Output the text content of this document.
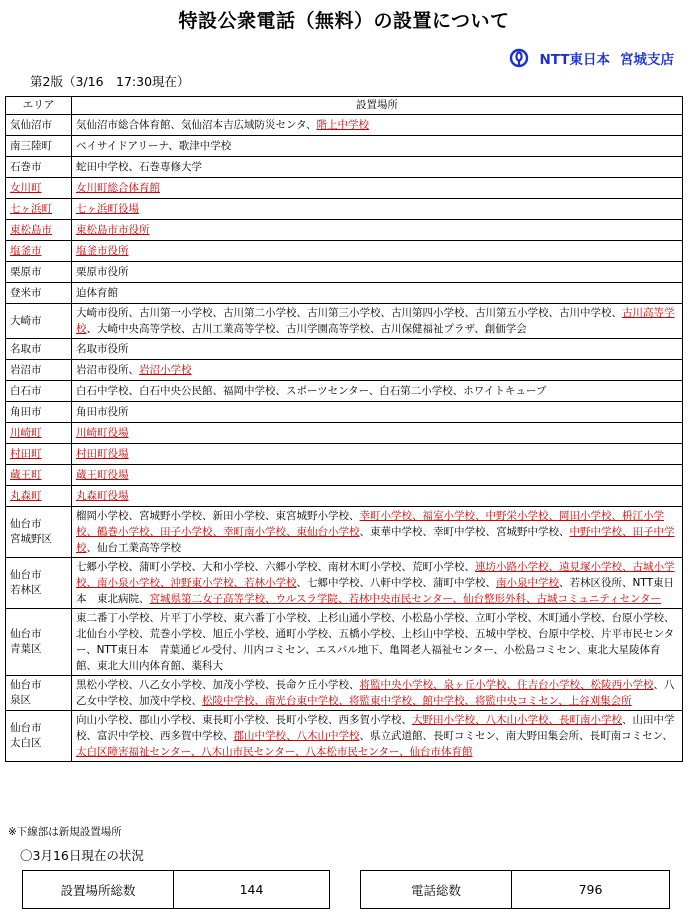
特設公衆電話（無料）の設置について
NTT東日本 宮城支店
第2版（3/16　17:30現在）
エリア	設置場所
気仙沼市	気仙沼市総合体育館、気仙沼本吉広域防災センタ、階上中学校
南三陸町	ベイサイドアリーナ、歌津中学校
石巻市	蛇田中学校、石巻専修大学
女川町	女川町総合体育館
七ヶ浜町	七ヶ浜町役場
東松島市	東松島市市役所
塩釜市	塩釜市役所
栗原市	栗原市役所
登米市	迫体育館
大崎市	大崎市役所、古川第一小学校、古川第二小学校、古川第三小学校、古川第四小学校、古川第五小学校、古川中学校、古川高等学校、大崎中央高等学校、古川工業高等学校、古川学園高等学校、古川保健福祉プラザ、創価学会
名取市	名取市役所
岩沼市	岩沼市役所、岩沼小学校
白石市	白石中学校、白石中央公民館、福岡中学校、スポーツセンター、白石第二小学校、ホワイトキューブ
角田市	角田市役所
川崎町	川崎町役場
村田町	村田町役場
蔵王町	蔵王町役場
丸森町	丸森町役場
仙台市
宮城野区	榴岡小学校、宮城野小学校、新田小学校、東宮城野小学校、幸町小学校、福室小学校、中野栄小学校、岡田小学校、枡江小学校、鶴巻小学校、田子小学校、幸町南小学校、東仙台小学校、東華中学校、幸町中学校、宮城野中学校、中野中学校、田子中学校、仙台工業高等学校
仙台市
若林区	七郷小学校、蒲町小学校、大和小学校、六郷小学校、南材木町小学校、荒町小学校、連坊小路小学校、遠見塚小学校、古城小学校、南小泉小学校、沖野東小学校、若林小学校、七郷中学校、八軒中学校、蒲町中学校、南小泉中学校、若林区役所、NTT東日本　東北病院、宮城県第二女子高等学校、ウルスラ学院、若林中央市民センター、仙台整形外科、古城コミュニティセンター
仙台市
青葉区	東二番丁小学校、片平丁小学校、東六番丁小学校、上杉山通小学校、小松島小学校、立町小学校、木町通小学校、台原小学校、北仙台小学校、荒巻小学校、旭丘小学校、通町小学校、五橋小学校、上杉山中学校、五城中学校、台原中学校、片平市民センター、NTT東日本　青葉通ビル受付、川内コミセン、エスパル地下、亀岡老人福祉センター、小松島コミセン、東北大星陵体育館、東北大川内体育館、薬科大
仙台市
泉区	黒松小学校、八乙女小学校、加茂小学校、長命ケ丘小学校、将監中央小学校、泉ヶ丘小学校、住吉台小学校、松陵西小学校、八乙女中学校、加茂中学校、松陵中学校、南光台東中学校、将監東中学校、館中学校、将監中央コミセン、上谷刈集会所
仙台市
太白区	向山小学校、郡山小学校、東長町小学校、長町小学校、西多賀小学校、大野田小学校、八木山小学校、長町南小学校、山田中学校、富沢中学校、西多賀中学校、郡山中学校、八木山中学校、県立武道館、長町コミセン、南大野田集会所、長町南コミセン、太白区障害福祉センター、八木山市民センター、八本松市民センター、仙台市体育館
※下線部は新規設置場所
〇3月16日現在の状況
設置場所総数	144	電話総数	796
